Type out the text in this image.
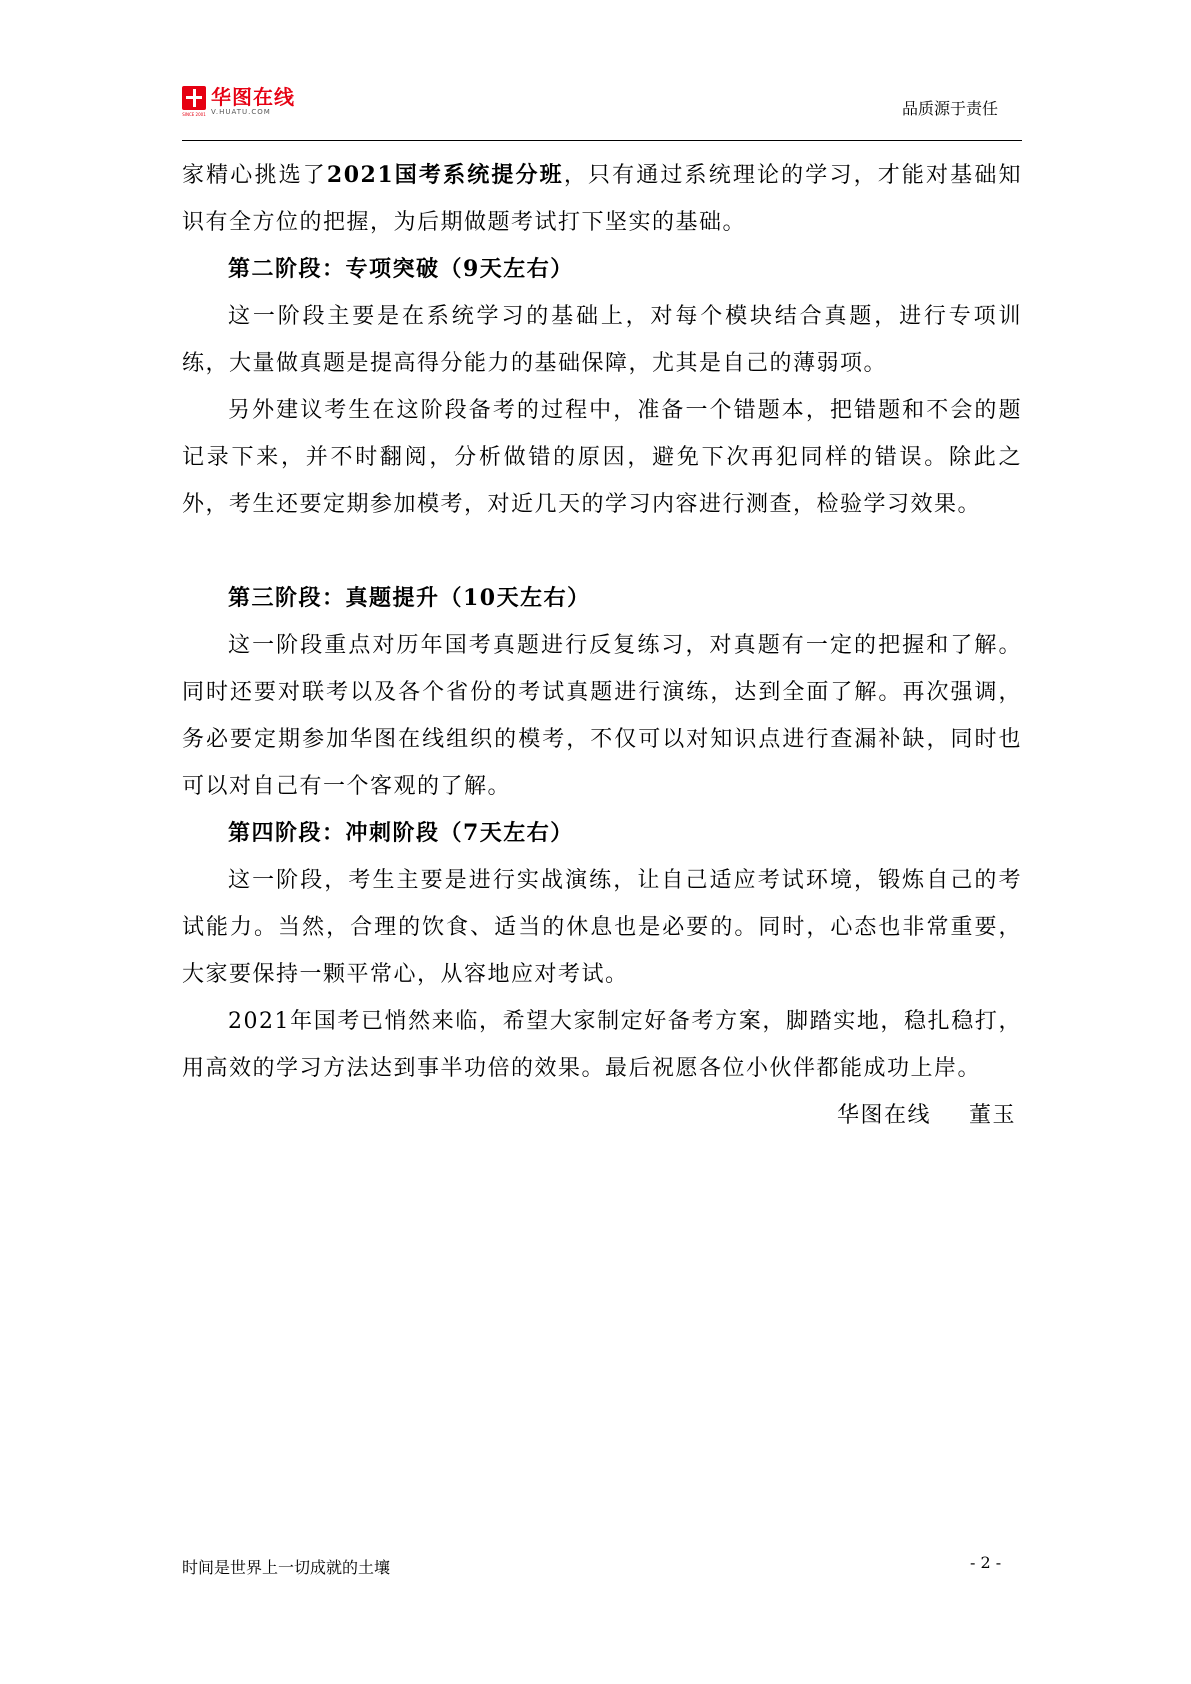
SINCE 2001
华图在线
V.HUATU.COM	品质源于责任

家精心挑选了2021国考系统提分班，只有通过系统理论的学习，才能对基础知识有全方位的把握，为后期做题考试打下坚实的基础。

第二阶段：专项突破（9天左右）

这一阶段主要是在系统学习的基础上，对每个模块结合真题，进行专项训练，大量做真题是提高得分能力的基础保障，尤其是自己的薄弱项。

另外建议考生在这阶段备考的过程中，准备一个错题本，把错题和不会的题记录下来，并不时翻阅，分析做错的原因，避免下次再犯同样的错误。除此之外，考生还要定期参加模考，对近几天的学习内容进行测查，检验学习效果。

第三阶段：真题提升（10天左右）

这一阶段重点对历年国考真题进行反复练习，对真题有一定的把握和了解。同时还要对联考以及各个省份的考试真题进行演练，达到全面了解。再次强调，务必要定期参加华图在线组织的模考，不仅可以对知识点进行查漏补缺，同时也可以对自己有一个客观的了解。

第四阶段：冲刺阶段（7天左右）

这一阶段，考生主要是进行实战演练，让自己适应考试环境，锻炼自己的考试能力。当然，合理的饮食、适当的休息也是必要的。同时，心态也非常重要，大家要保持一颗平常心，从容地应对考试。

2021年国考已悄然来临，希望大家制定好备考方案，脚踏实地，稳扎稳打，用高效的学习方法达到事半功倍的效果。最后祝愿各位小伙伴都能成功上岸。

华图在线 董玉

时间是世界上一切成就的土壤	- 2 -
